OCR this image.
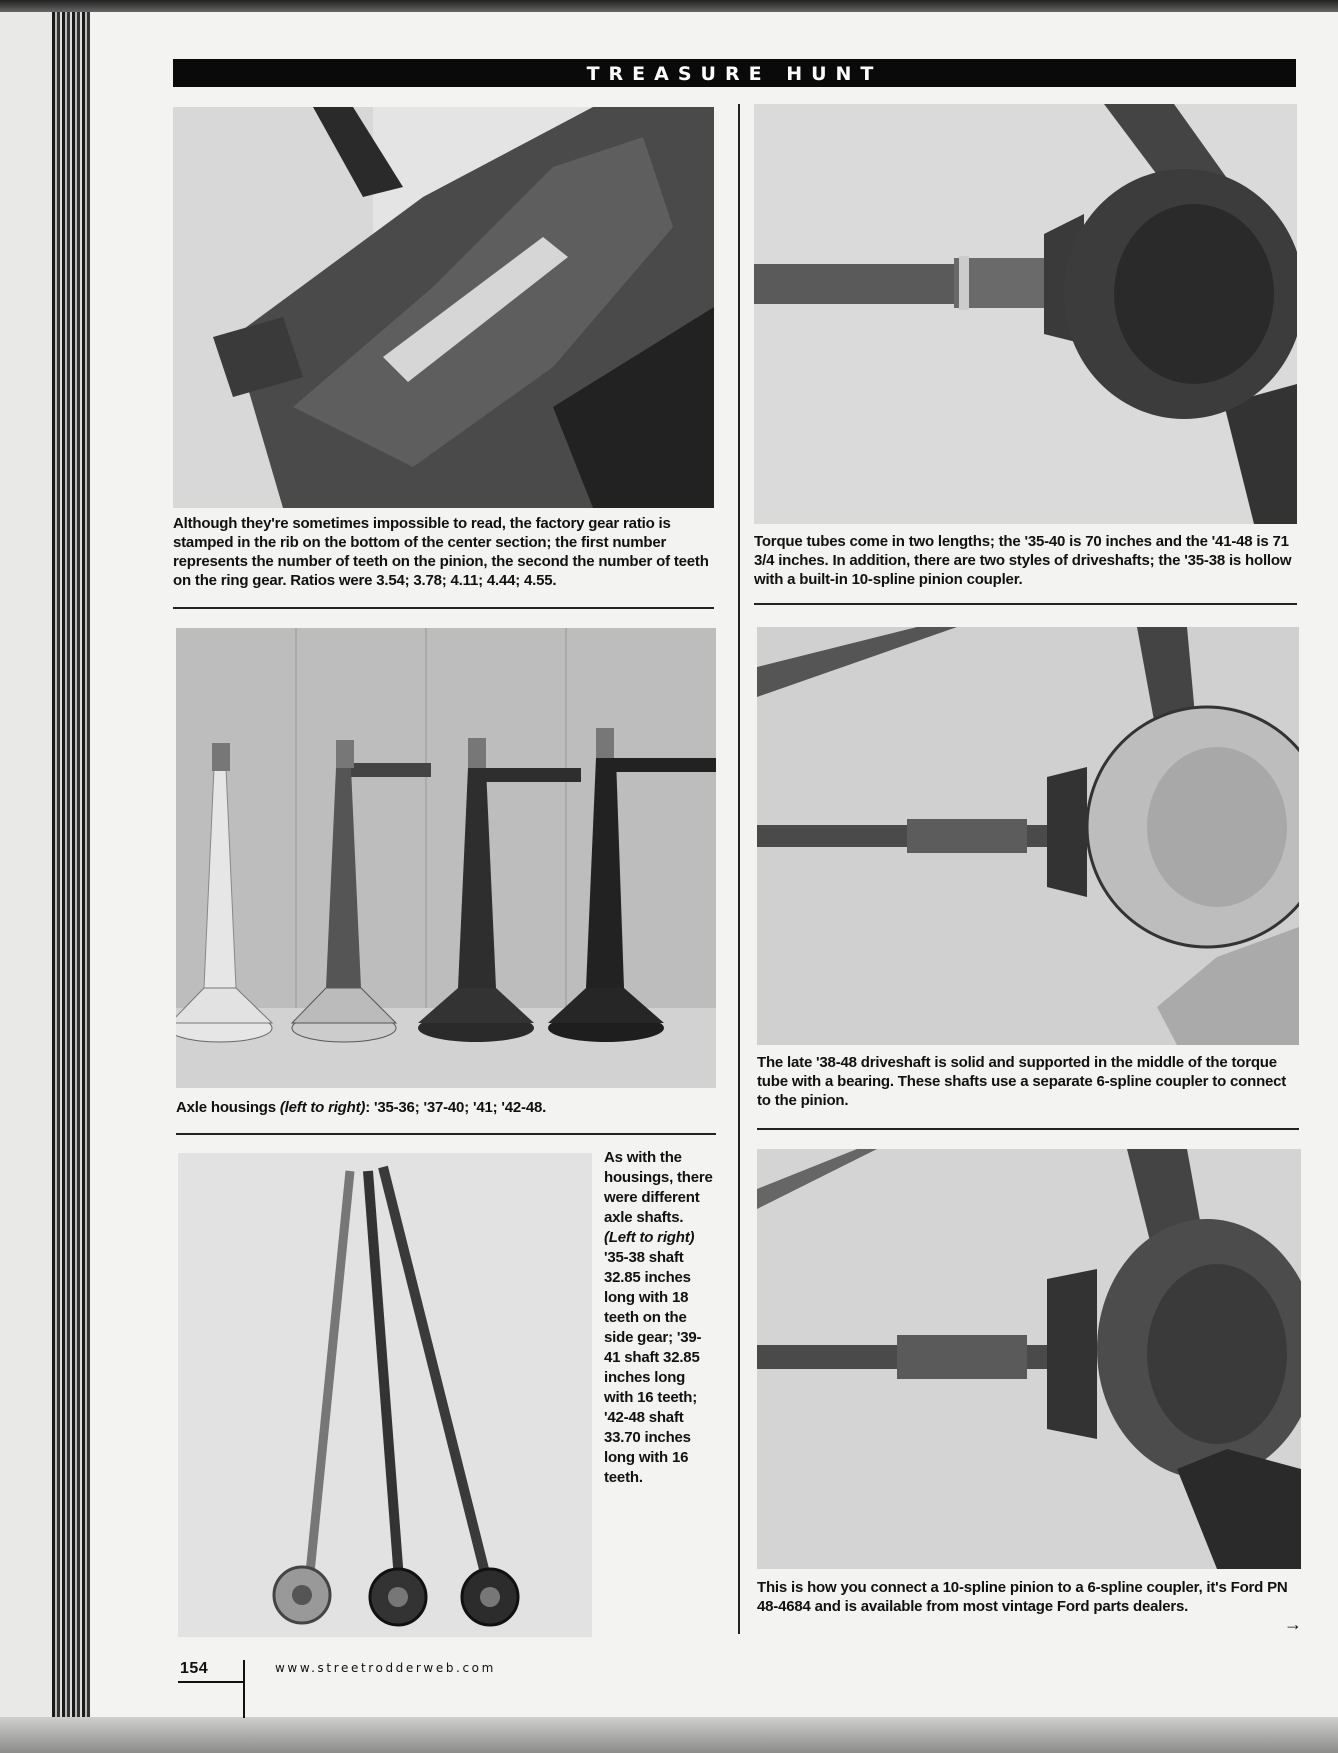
TREASURE HUNT
Although they're sometimes impossible to read, the factory gear ratio is stamped in the rib on the bottom of the center section; the first number represents the number of teeth on the pinion, the second the number of teeth on the ring gear. Ratios were 3.54; 3.78; 4.11; 4.44; 4.55.
Torque tubes come in two lengths; the '35-40 is 70 inches and the '41-48 is 71 3/4 inches. In addition, there are two styles of driveshafts; the '35-38 is hollow with a built-in 10-spline pinion coupler.
Axle housings (left to right): '35-36; '37-40; '41; '42-48.
The late '38-48 driveshaft is solid and supported in the middle of the torque tube with a bearing. These shafts use a separate 6-spline coupler to connect to the pinion.
As with the housings, there were different axle shafts. (Left to right) '35-38 shaft 32.85 inches long with 18 teeth on the side gear; '39-41 shaft 32.85 inches long with 16 teeth; '42-48 shaft 33.70 inches long with 16 teeth.
This is how you connect a 10-spline pinion to a 6-spline coupler, it's Ford PN 48-4684 and is available from most vintage Ford parts dealers.
→
154	www.streetrodderweb.com
